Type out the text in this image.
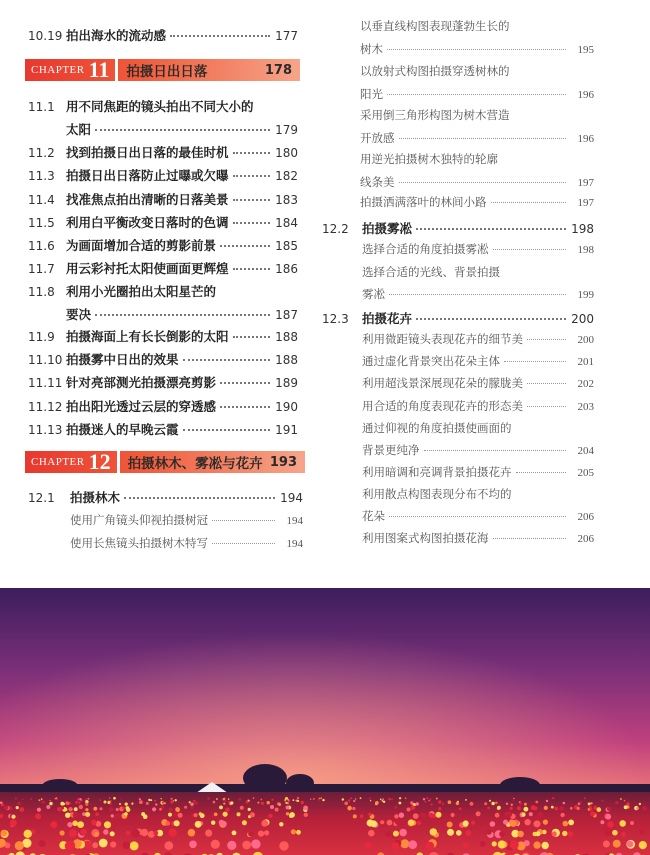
10.19 拍出海水的流动感	177
CHAPTER 11 拍摄日出日落	178
11.1 用不同焦距的镜头拍出不同大小的
太阳	179
11.2 找到拍摄日出日落的最佳时机	180
11.3 拍摄日出日落防止过曝或欠曝	182
11.4 找准焦点拍出清晰的日落美景	183
11.5 利用白平衡改变日落时的色调	184
11.6 为画面增加合适的剪影前景	185
11.7 用云彩衬托太阳使画面更辉煌	186
11.8 利用小光圈拍出太阳星芒的
要决	187
11.9 拍摄海面上有长长倒影的太阳	188
11.10 拍摄雾中日出的效果	188
11.11 针对亮部测光拍摄漂亮剪影	189
11.12 拍出阳光透过云层的穿透感	190
11.13 拍摄迷人的早晚云霞	191
CHAPTER 12 拍摄林木、雾凇与花卉 193
12.1	拍摄林木	194
使用广角镜头仰视拍摄树冠	194
使用长焦镜头拍摄树木特写	194
以垂直线构图表现蓬勃生长的
树木	195
以放射式构图拍摄穿透树林的
阳光	196
采用倒三角形构图为树木营造
开放感	196
用逆光拍摄树木独特的轮廓
线条美	197
拍摄洒满落叶的林间小路	197
12.2	拍摄雾凇	198
选择合适的角度拍摄雾凇	198
选择合适的光线、背景拍摄
雾凇	199
12.3	拍摄花卉	200
利用微距镜头表现花卉的细节美	200
通过虚化背景突出花朵主体	201
利用超浅景深展现花朵的朦胧美	202
用合适的角度表现花卉的形态美	203
通过仰视的角度拍摄使画面的
背景更纯净	204
利用暗调和亮调背景拍摄花卉	205
利用散点构图表现分布不均的
花朵	206
利用图案式构图拍摄花海	206
